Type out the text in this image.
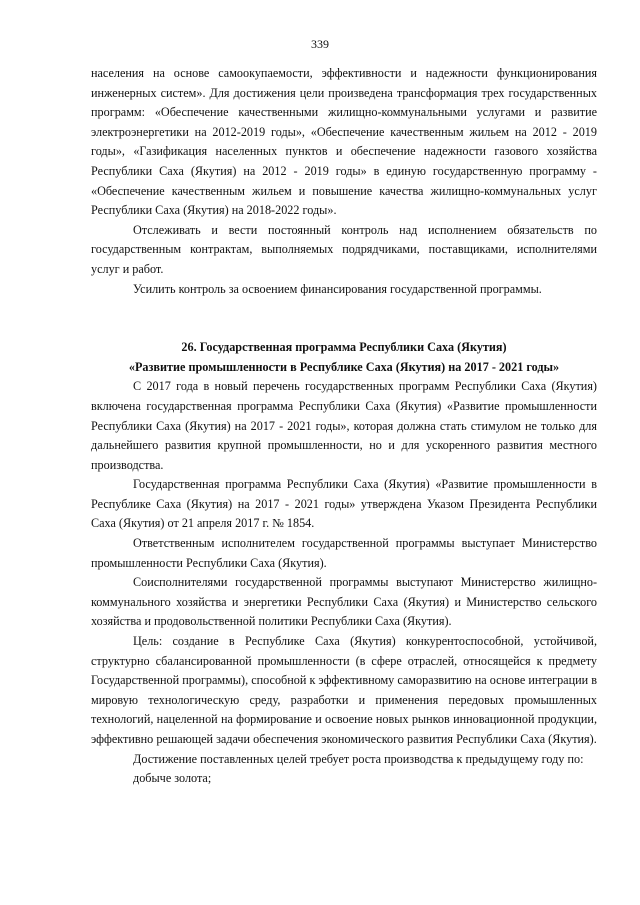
339

населения на основе самоокупаемости, эффективности и надежности функционирования инженерных систем». Для достижения цели произведена трансформация трех государственных программ: «Обеспечение качественными жилищно-коммунальными услугами и развитие электроэнергетики на 2012-2019 годы», «Обеспечение качественным жильем на 2012 - 2019 годы», «Газификация населенных пунктов и обеспечение надежности газового хозяйства Республики Саха (Якутия) на 2012 - 2019 годы» в единую государственную программу - «Обеспечение качественным жильем и повышение качества жилищно-коммунальных услуг Республики Саха (Якутия) на 2018-2022 годы».

Отслеживать и вести постоянный контроль над исполнением обязательств по государственным контрактам, выполняемых подрядчиками, поставщиками, исполнителями услуг и работ.

Усилить контроль за освоением финансирования государственной программы.

26. Государственная программа Республики Саха (Якутия)

«Развитие промышленности в Республике Саха (Якутия) на 2017 - 2021 годы»

С 2017 года в новый перечень государственных программ Республики Саха (Якутия) включена государственная программа Республики Саха (Якутия) «Развитие промышленности Республики Саха (Якутия) на 2017 - 2021 годы», которая должна стать стимулом не только для дальнейшего развития крупной промышленности, но и для ускоренного развития местного производства.

Государственная программа Республики Саха (Якутия) «Развитие промышленности в Республике Саха (Якутия) на 2017 - 2021 годы» утверждена Указом Президента Республики Саха (Якутия) от 21 апреля 2017 г. № 1854.

Ответственным исполнителем государственной программы выступает Министерство промышленности Республики Саха (Якутия).

Соисполнителями государственной программы выступают Министерство жилищно-коммунального хозяйства и энергетики Республики Саха (Якутия) и Министерство сельского хозяйства и продовольственной политики Республики Саха (Якутия).

Цель: создание в Республике Саха (Якутия) конкурентоспособной, устойчивой, структурно сбалансированной промышленности (в сфере отраслей, относящейся к предмету Государственной программы), способной к эффективному саморазвитию на основе интеграции в мировую технологическую среду, разработки и применения передовых промышленных технологий, нацеленной на формирование и освоение новых рынков инновационной продукции, эффективно решающей задачи обеспечения экономического развития Республики Саха (Якутия).

Достижение поставленных целей требует роста производства к предыдущему году по:

добыче золота;
